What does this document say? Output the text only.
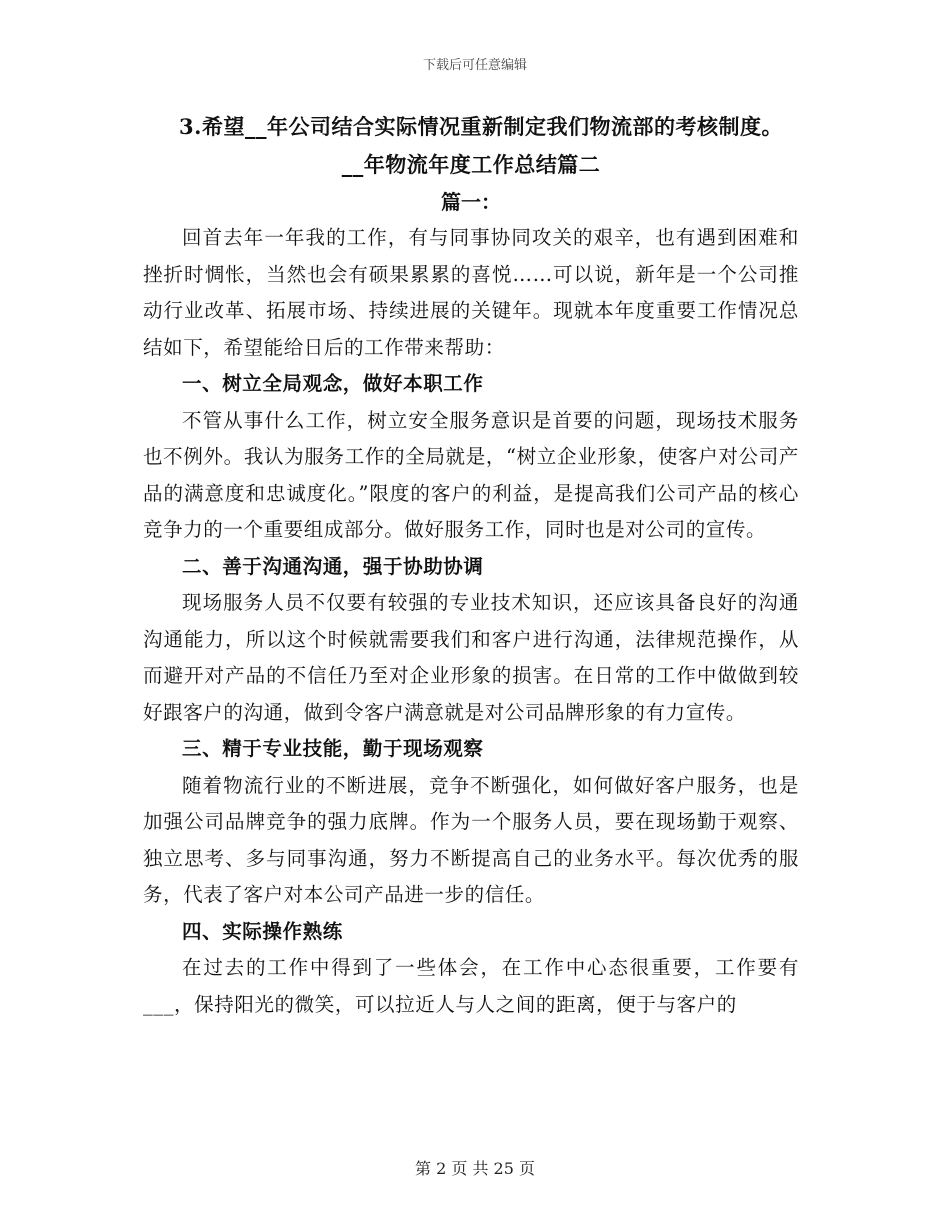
下载后可任意编辑
3.希望__年公司结合实际情况重新制定我们物流部的考核制度。
__年物流年度工作总结篇二
篇一：

回首去年一年我的工作，有与同事协同攻关的艰辛，也有遇到困难和挫折时惆怅，当然也会有硕果累累的喜悦……可以说，新年是一个公司推动行业改革、拓展市场、持续进展的关键年。现就本年度重要工作情况总结如下，希望能给日后的工作带来帮助：

一、树立全局观念，做好本职工作

不管从事什么工作，树立安全服务意识是首要的问题，现场技术服务也不例外。我认为服务工作的全局就是，“树立企业形象，使客户对公司产品的满意度和忠诚度化。”限度的客户的利益，是提高我们公司产品的核心竞争力的一个重要组成部分。做好服务工作，同时也是对公司的宣传。

二、善于沟通沟通，强于协助协调

现场服务人员不仅要有较强的专业技术知识，还应该具备良好的沟通沟通能力，所以这个时候就需要我们和客户进行沟通，法律规范操作，从而避开对产品的不信任乃至对企业形象的损害。在日常的工作中做做到较好跟客户的沟通，做到令客户满意就是对公司品牌形象的有力宣传。

三、精于专业技能，勤于现场观察

随着物流行业的不断进展，竞争不断强化，如何做好客户服务，也是加强公司品牌竞争的强力底牌。作为一个服务人员，要在现场勤于观察、独立思考、多与同事沟通，努力不断提高自己的业务水平。每次优秀的服务，代表了客户对本公司产品进一步的信任。

四、实际操作熟练

在过去的工作中得到了一些体会，在工作中心态很重要，工作要有___，保持阳光的微笑，可以拉近人与人之间的距离，便于与客户的

第 2 页 共 25 页
